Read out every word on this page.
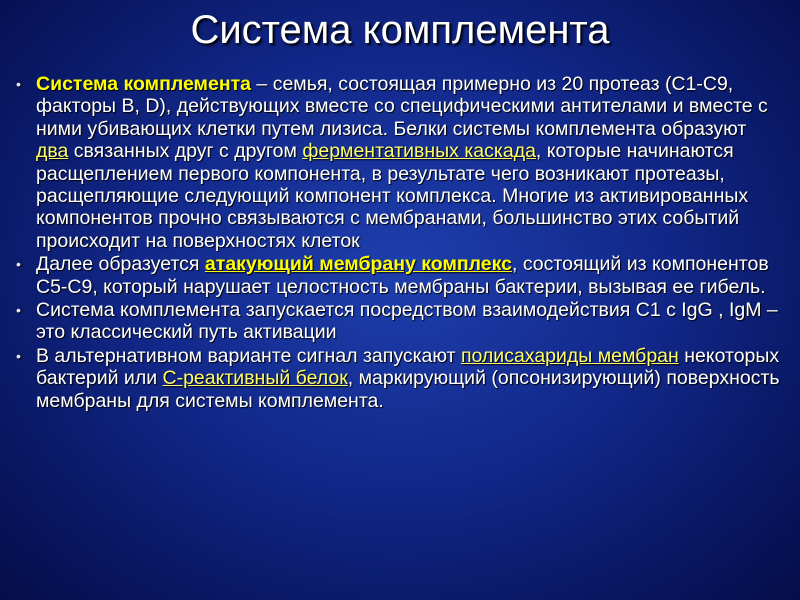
Система комплемента
• Система комплемента – семья, состоящая примерно из 20 протеаз (С1-С9, факторы В, D), действующих вместе со специфическими антителами и вместе с ними убивающих клетки путем лизиса. Белки системы комплемента образуют два связанных друг с другом ферментативных каскада, которые начинаются расщеплением первого компонента, в результате чего возникают протеазы, расщепляющие следующий компонент комплекса. Многие из активированных компонентов прочно связываются с мембранами, большинство этих событий происходит на поверхностях клеток
• Далее образуется атакующий мембрану комплекс, состоящий из компонентов С5-С9, который нарушает целостность мембраны бактерии, вызывая ее гибель.
• Система комплемента запускается посредством взаимодействия С1 с IgG , IgM – это классический путь активации
• В альтернативном варианте сигнал запускают полисахариды мембран некоторых бактерий или С-реактивный белок, маркирующий (опсонизирующий) поверхность мембраны для системы комплемента.
